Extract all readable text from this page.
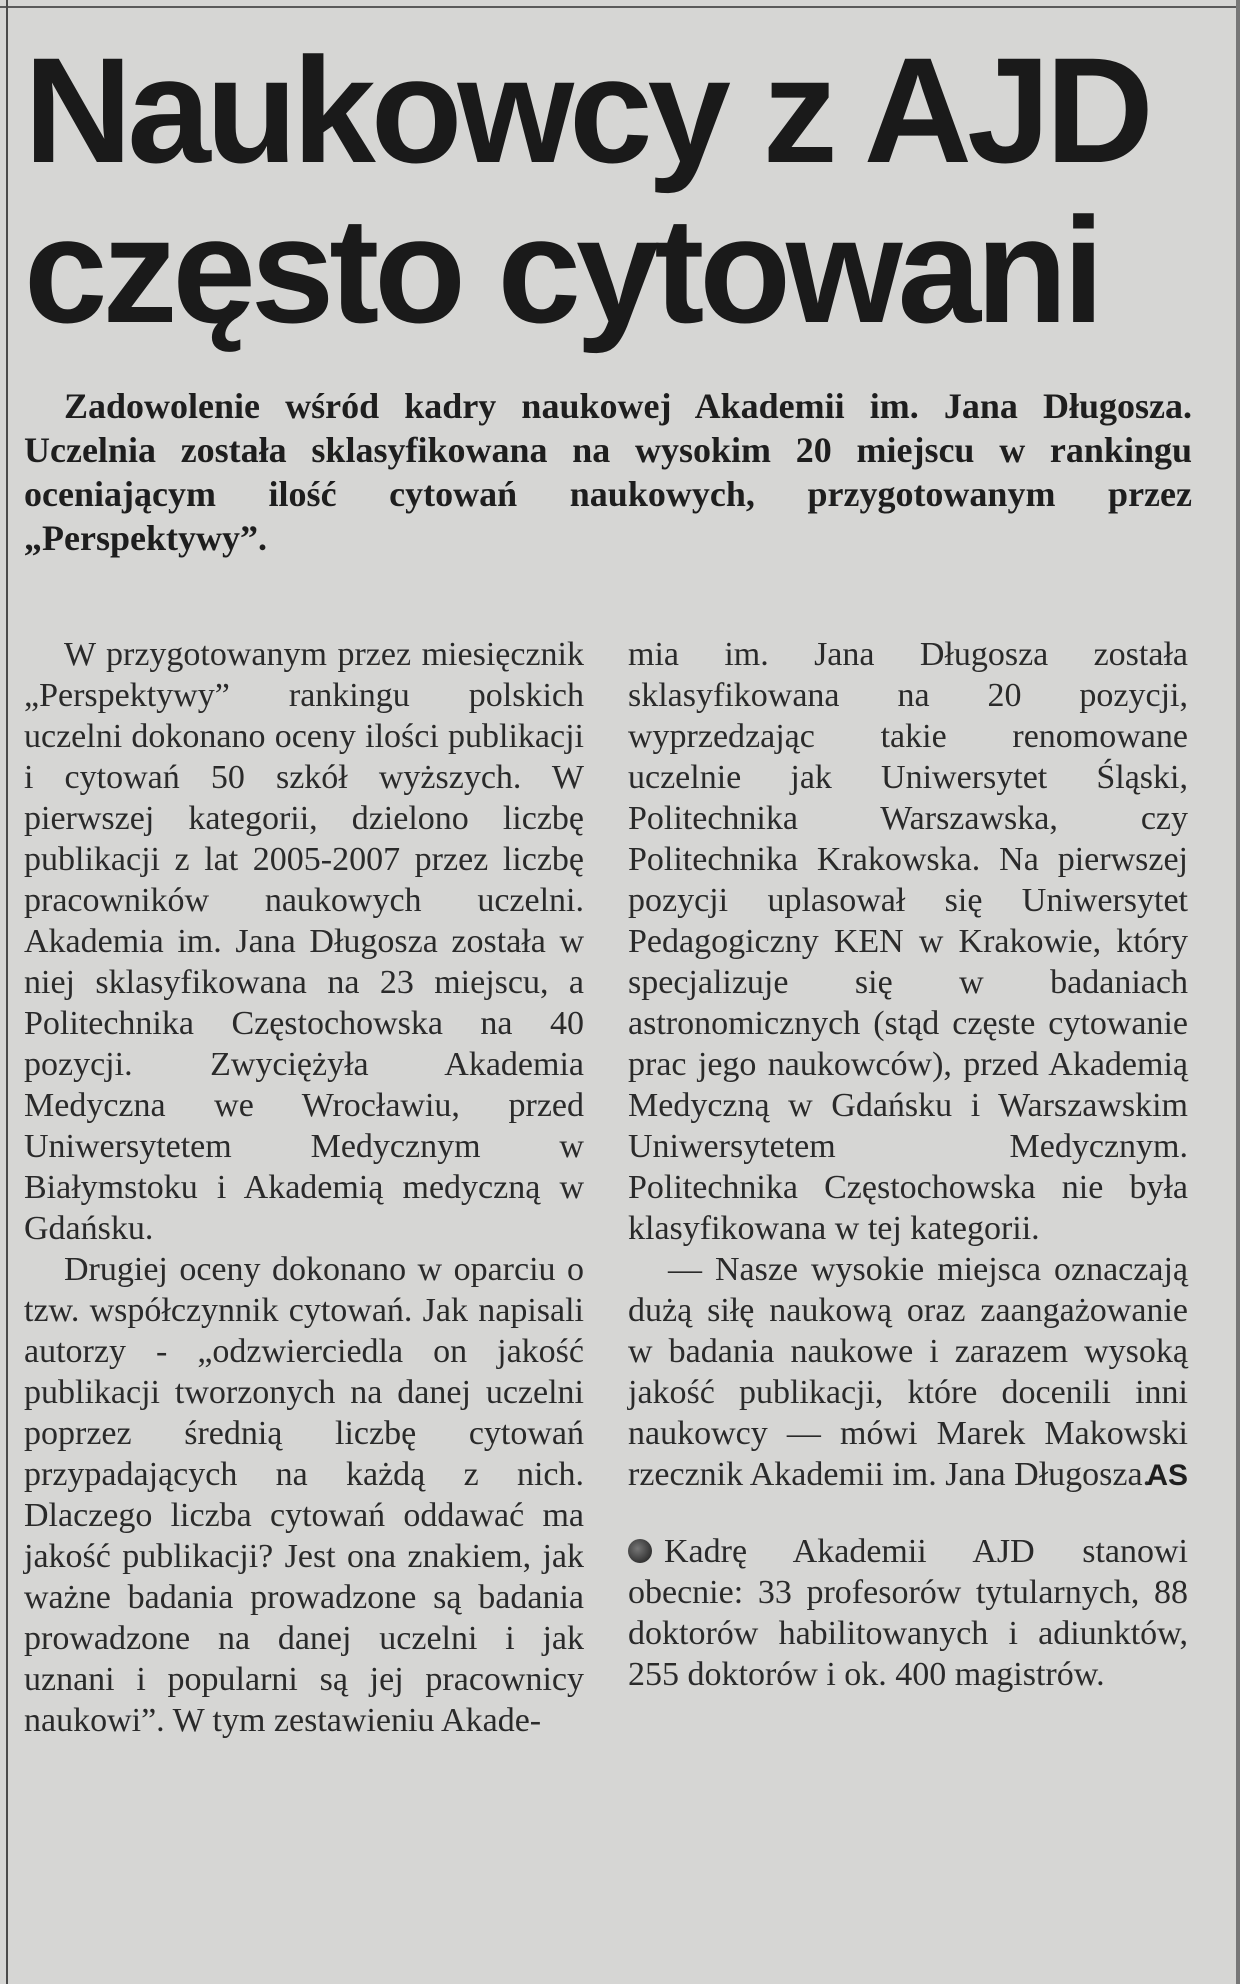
Naukowcy z AJD
często cytowani

Zadowolenie wśród kadry naukowej Akademii im. Jana Długosza. Uczelnia została sklasyfikowana na wysokim 20 miejscu w rankingu oceniającym ilość cytowań naukowych, przygotowanym przez „Perspektywy”.

W przygotowanym przez miesięcznik „Perspektywy” rankingu polskich uczelni dokonano oceny ilości publikacji i cytowań 50 szkół wyższych. W pierwszej kategorii, dzielono liczbę publikacji z lat 2005-2007 przez liczbę pracowników naukowych uczelni. Akademia im. Jana Długosza została w niej sklasyfikowana na 23 miejscu, a Politechnika Częstochowska na 40 pozycji. Zwyciężyła Akademia Medyczna we Wrocławiu, przed Uniwersytetem Medycznym w Białymstoku i Akademią medyczną w Gdańsku.

Drugiej oceny dokonano w oparciu o tzw. współczynnik cytowań. Jak napisali autorzy - „odzwierciedla on jakość publikacji tworzonych na danej uczelni poprzez średnią liczbę cytowań przypadających na każdą z nich. Dlaczego liczba cytowań oddawać ma jakość publikacji? Jest ona znakiem, jak ważne badania prowadzone są badania prowadzone na danej uczelni i jak uznani i popularni są jej pracownicy naukowi”. W tym zestawieniu Akade-

mia im. Jana Długosza została sklasyfikowana na 20 pozycji, wyprzedzając takie renomowane uczelnie jak Uniwersytet Śląski, Politechnika Warszawska, czy Politechnika Krakowska. Na pierwszej pozycji uplasował się Uniwersytet Pedagogiczny KEN w Krakowie, który specjalizuje się w badaniach astronomicznych (stąd częste cytowanie prac jego naukowców), przed Akademią Medyczną w Gdańsku i Warszawskim Uniwersytetem Medycznym. Politechnika Częstochowska nie była klasyfikowana w tej kategorii.

— Nasze wysokie miejsca oznaczają dużą siłę naukową oraz zaangażowanie w badania naukowe i zarazem wysoką jakość publikacji, które docenili inni naukowcy — mówi Marek Makowski rzecznik Akademii im. Jana Długosza.

AS

Kadrę Akademii AJD stanowi obecnie: 33 profesorów tytularnych, 88 doktorów habilitowanych i adiunktów, 255 doktorów i ok. 400 magistrów.
